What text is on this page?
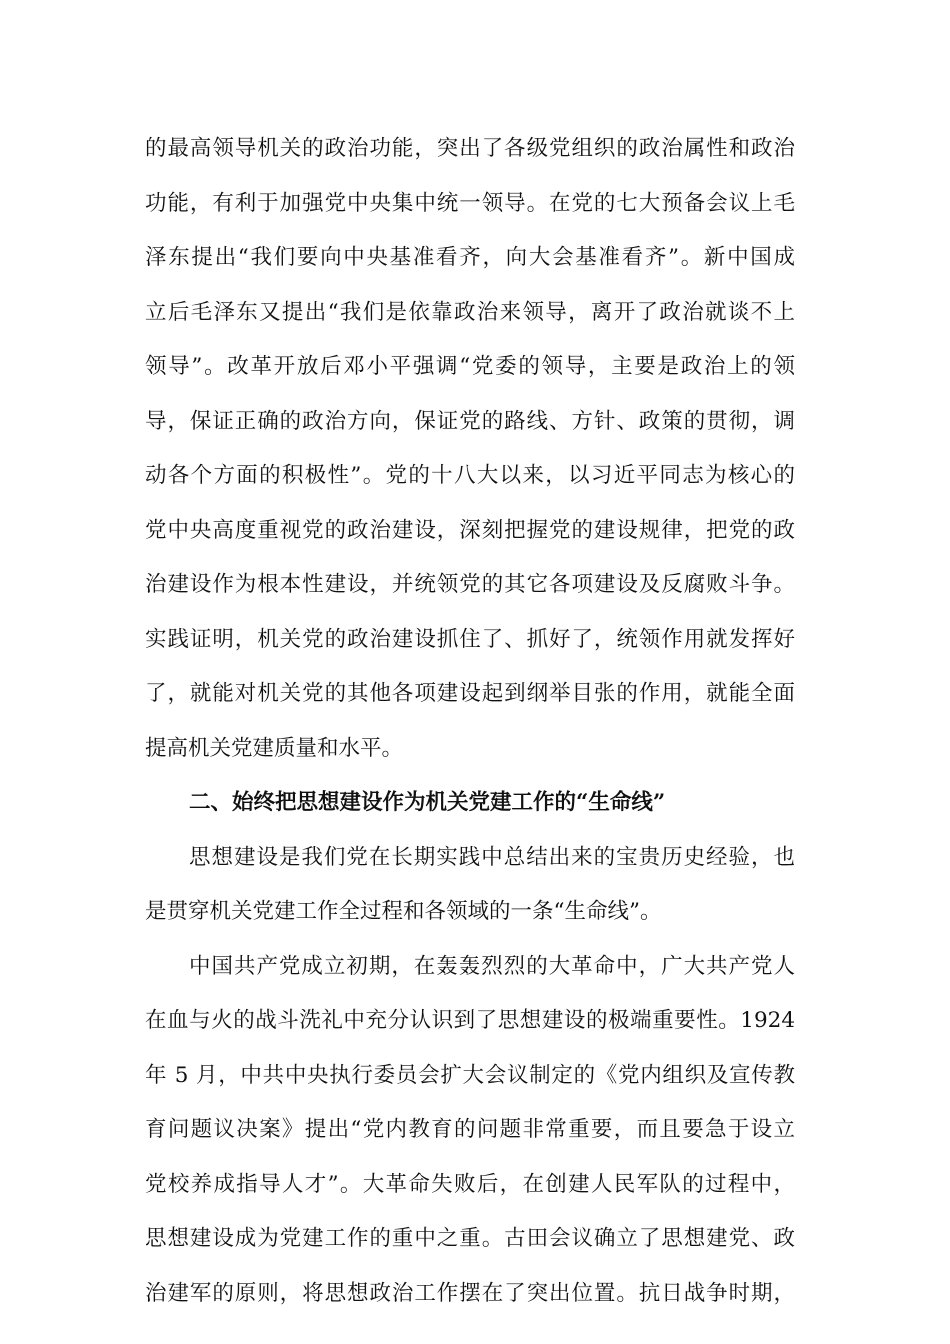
的最高领导机关的政治功能，突出了各级党组织的政治属性和政治
功能，有利于加强党中央集中统一领导。在党的七大预备会议上毛
泽东提出“我们要向中央基准看齐，向大会基准看齐”。新中国成
立后毛泽东又提出“我们是依靠政治来领导，离开了政治就谈不上
领导”。改革开放后邓小平强调“党委的领导，主要是政治上的领
导，保证正确的政治方向，保证党的路线、方针、政策的贯彻，调
动各个方面的积极性”。党的十八大以来，以习近平同志为核心的
党中央高度重视党的政治建设，深刻把握党的建设规律，把党的政
治建设作为根本性建设，并统领党的其它各项建设及反腐败斗争。
实践证明，机关党的政治建设抓住了、抓好了，统领作用就发挥好
了，就能对机关党的其他各项建设起到纲举目张的作用，就能全面
提高机关党建质量和水平。
二、始终把思想建设作为机关党建工作的“生命线”
思想建设是我们党在长期实践中总结出来的宝贵历史经验，也
是贯穿机关党建工作全过程和各领域的一条“生命线”。
中国共产党成立初期，在轰轰烈烈的大革命中，广大共产党人
在血与火的战斗洗礼中充分认识到了思想建设的极端重要性。1924
年 5 月，中共中央执行委员会扩大会议制定的《党内组织及宣传教
育问题议决案》提出“党内教育的问题非常重要，而且要急于设立
党校养成指导人才”。大革命失败后，在创建人民军队的过程中，
思想建设成为党建工作的重中之重。古田会议确立了思想建党、政
治建军的原则，将思想政治工作摆在了突出位置。抗日战争时期，
